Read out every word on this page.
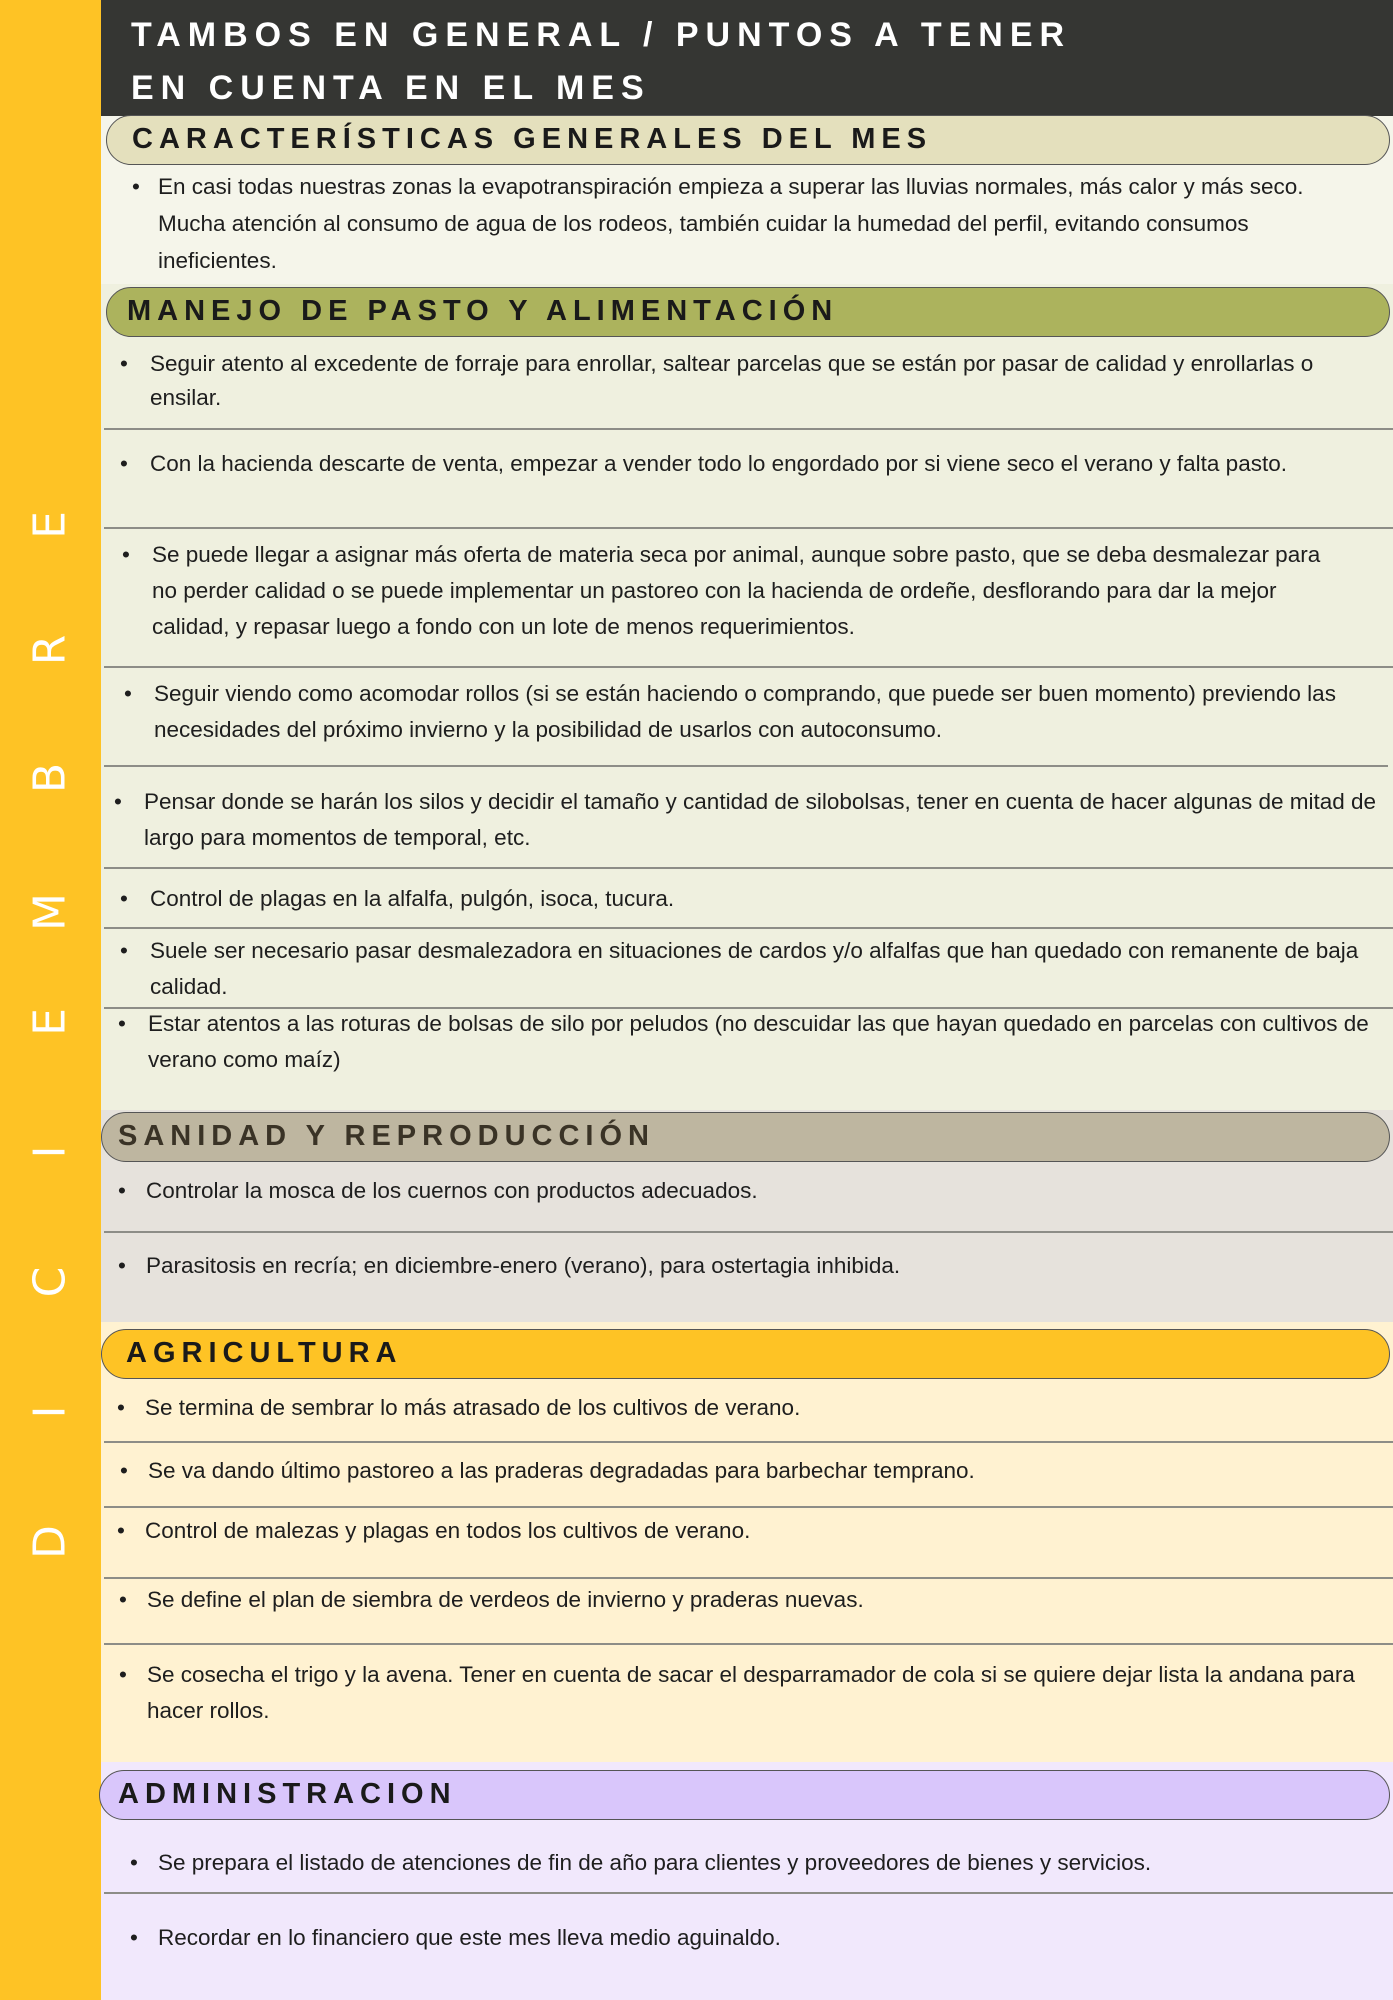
D
I
C
I
E
M
B
R
E
TAMBOS EN GENERAL / PUNTOS A TENER
EN CUENTA EN EL MES
CARACTERÍSTICAS GENERALES DEL MES
• En casi todas nuestras zonas la evapotranspiración empieza a superar las lluvias normales, más calor y más seco. Mucha atención al consumo de agua de los rodeos, también cuidar la humedad del perfil, evitando consumos ineficientes.
MANEJO DE PASTO Y ALIMENTACIÓN
• Seguir atento al excedente de forraje para enrollar, saltear parcelas que se están por pasar de calidad y enrollarlas o ensilar.
• Con la hacienda descarte de venta, empezar a vender todo lo engordado por si viene seco el verano y falta pasto.
• Se puede llegar a asignar más oferta de materia seca por animal, aunque sobre pasto, que se deba desmalezar para no perder calidad o se puede implementar un pastoreo con la hacienda de ordeñe, desflorando para dar la mejor calidad, y repasar luego a fondo con un lote de menos requerimientos.
• Seguir viendo como acomodar rollos (si se están haciendo o comprando, que puede ser buen momento) previendo las necesidades del próximo invierno y la posibilidad de usarlos con autoconsumo.
• Pensar donde se harán los silos y decidir el tamaño y cantidad de silobolsas, tener en cuenta de hacer algunas de mitad de largo para momentos de temporal, etc.
• Control de plagas en la alfalfa, pulgón, isoca, tucura.
• Suele ser necesario pasar desmalezadora en situaciones de cardos y/o alfalfas que han quedado con remanente de baja calidad.
• Estar atentos a las roturas de bolsas de silo por peludos (no descuidar las que hayan quedado en parcelas con cultivos de verano como maíz)
SANIDAD Y REPRODUCCIÓN
• Controlar la mosca de los cuernos con productos adecuados.
• Parasitosis en recría; en diciembre-enero (verano), para ostertagia inhibida.
AGRICULTURA
• Se termina de sembrar lo más atrasado de los cultivos de verano.
• Se va dando último pastoreo a las praderas degradadas para barbechar temprano.
• Control de malezas y plagas en todos los cultivos de verano.
• Se define el plan de siembra de verdeos de invierno y praderas nuevas.
• Se cosecha el trigo y la avena. Tener en cuenta de sacar el desparramador de cola si se quiere dejar lista la andana para hacer rollos.
ADMINISTRACION
• Se prepara el listado de atenciones de fin de año para clientes y proveedores de bienes y servicios.
• Recordar en lo financiero que este mes lleva medio aguinaldo.
